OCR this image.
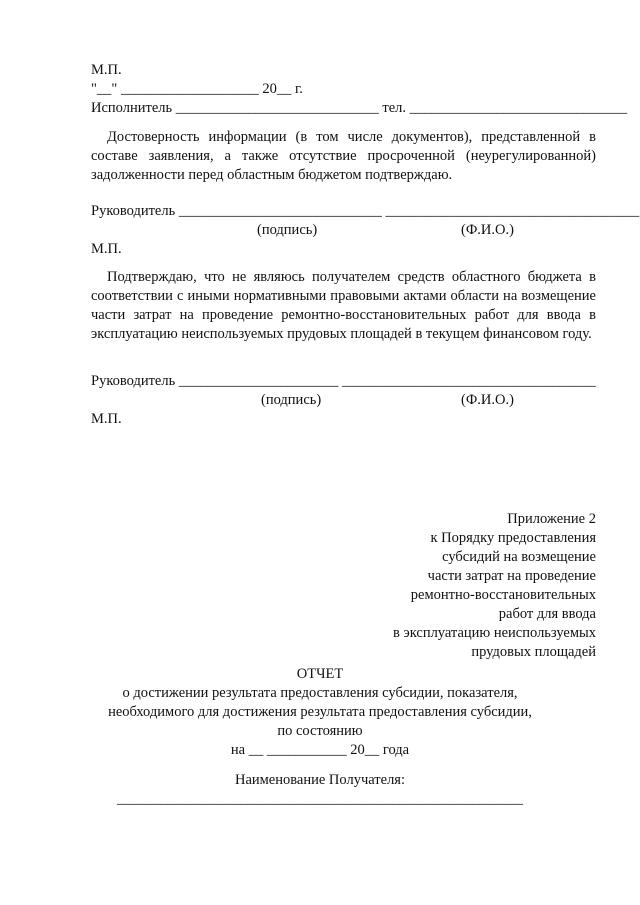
М.П.
"__" ___________________ 20__ г.
Исполнитель ____________________________ тел. ______________________________
Достоверность информации (в том числе документов), представленной в составе заявления, а также отсутствие просроченной (неурегулированной) задолженности перед областным бюджетом подтверждаю.
Руководитель ____________________________ ___________________________________
(подпись)	(Ф.И.О.)
М.П.
Подтверждаю, что не являюсь получателем средств областного бюджета в соответствии с иными нормативными правовыми актами области на возмещение части затрат на проведение ремонтно-восстановительных работ для ввода в эксплуатацию неиспользуемых прудовых площадей в текущем финансовом году.
Руководитель ______________________ ___________________________________
(подпись)	(Ф.И.О.)
М.П.
Приложение 2
к Порядку предоставления
субсидий на возмещение
части затрат на проведение
ремонтно-восстановительных
работ для ввода
в эксплуатацию неиспользуемых
прудовых площадей
ОТЧЕТ
о достижении результата предоставления субсидии, показателя,
необходимого для достижения результата предоставления субсидии,
по состоянию
на __ ___________ 20__ года
Наименование Получателя:
________________________________________________________
